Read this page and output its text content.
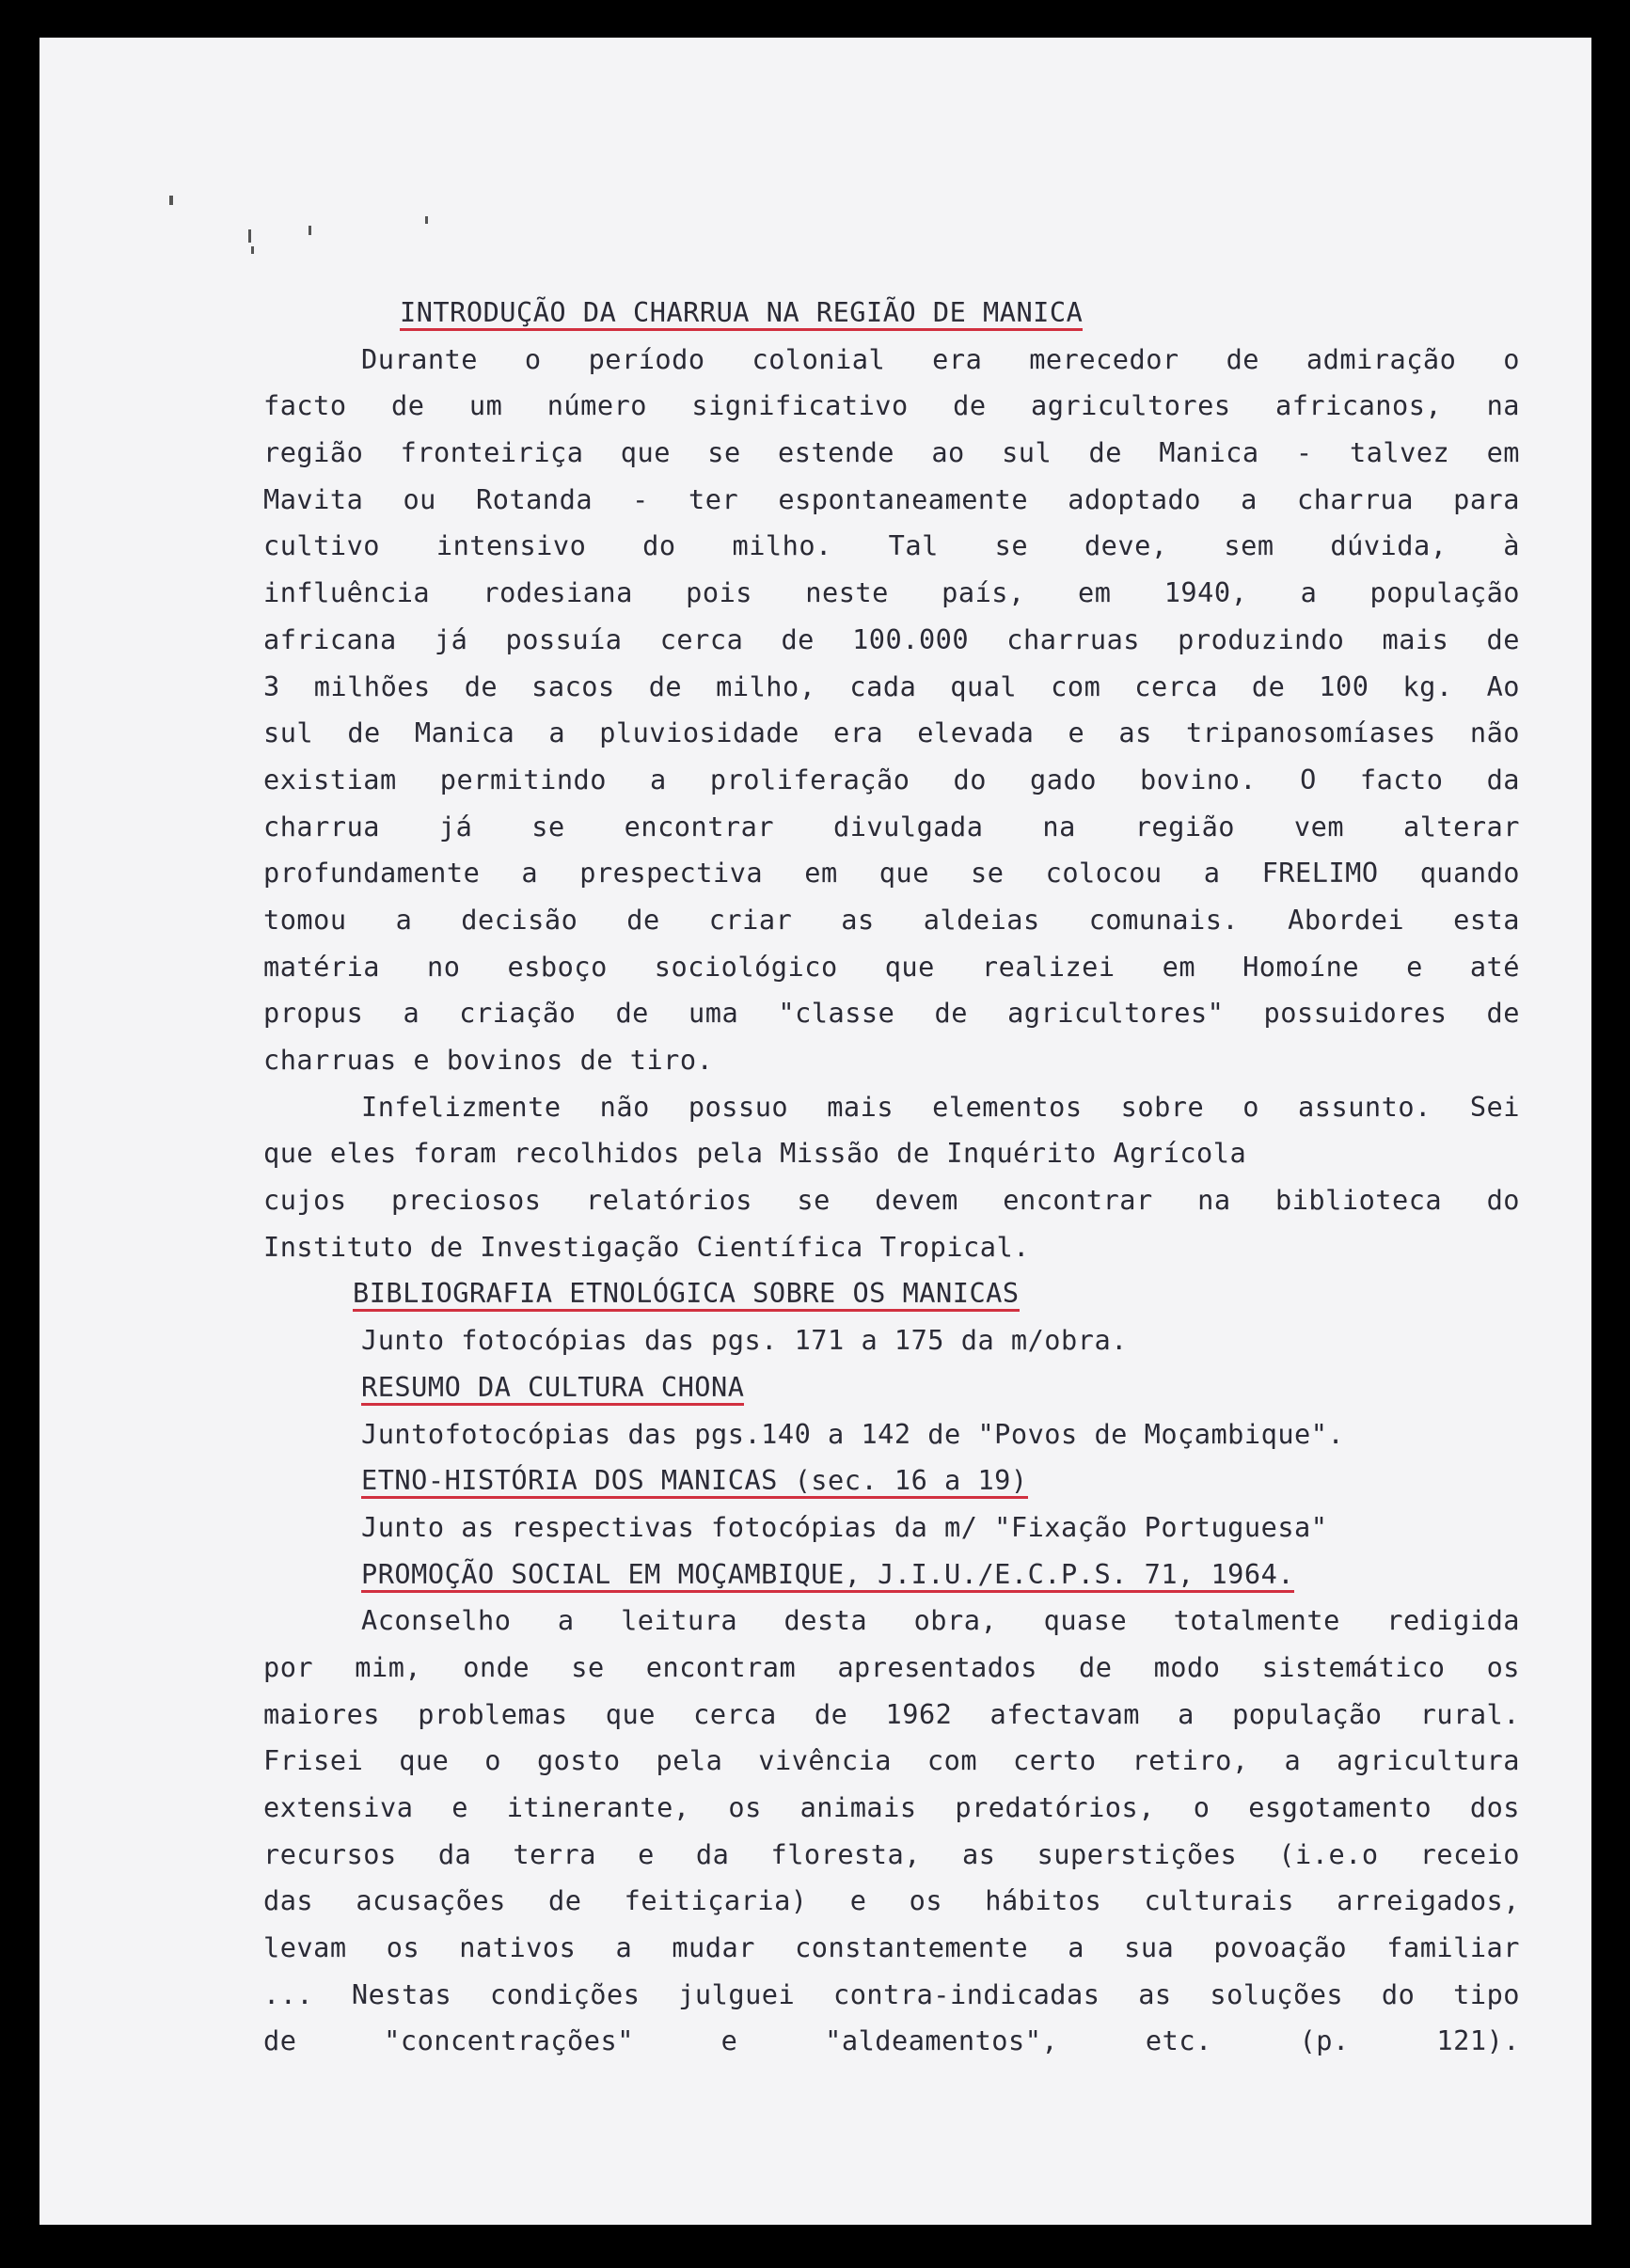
INTRODUÇÃO DA CHARRUA NA REGIÃO DE MANICA
Durante o período colonial era merecedor de admiração o
facto de um número significativo de agricultores africanos, na
região fronteiriça que se estende ao sul de Manica - talvez em
Mavita ou Rotanda - ter espontaneamente adoptado a charrua para
cultivo intensivo do milho. Tal se deve, sem dúvida, à
influência rodesiana pois neste país, em 1940, a população
africana já possuía cerca de 100.000 charruas produzindo mais de
3 milhões de sacos de milho, cada qual com cerca de 100 kg. Ao
sul de Manica a pluviosidade era elevada e as tripanosomíases não
existiam permitindo a proliferação do gado bovino. O facto da
charrua já se encontrar divulgada na região vem alterar
profundamente a prespectiva em que se colocou a FRELIMO quando
tomou a decisão de criar as aldeias comunais. Abordei esta
matéria no esboço sociológico que realizei em Homoíne e até
propus a criação de uma "classe de agricultores" possuidores de
charruas e bovinos de tiro.
Infelizmente não possuo mais elementos sobre o assunto. Sei
que eles foram recolhidos pela Missão de Inquérito Agrícola
cujos preciosos relatórios se devem encontrar na biblioteca do
Instituto de Investigação Científica Tropical.
BIBLIOGRAFIA ETNOLÓGICA SOBRE OS MANICAS
Junto fotocópias das pgs. 171 a 175 da m/obra.
RESUMO DA CULTURA CHONA
Juntofotocópias das pgs.140 a 142 de "Povos de Moçambique".
ETNO-HISTÓRIA DOS MANICAS (sec. 16 a 19)
Junto as respectivas fotocópias da m/ "Fixação Portuguesa"
PROMOÇÃO SOCIAL EM MOÇAMBIQUE, J.I.U./E.C.P.S. 71, 1964.
Aconselho a leitura desta obra, quase totalmente redigida
por mim, onde se encontram apresentados de modo sistemático os
maiores problemas que cerca de 1962 afectavam a população rural.
Frisei que o gosto pela vivência com certo retiro, a agricultura
extensiva e itinerante, os animais predatórios, o esgotamento dos
recursos da terra e da floresta, as superstições (i.e.o receio
das acusações de feitiçaria) e os hábitos culturais arreigados,
levam os nativos a mudar constantemente a sua povoação familiar
... Nestas condições julguei contra-indicadas as soluções do tipo
de "concentrações" e "aldeamentos", etc. (p. 121).
